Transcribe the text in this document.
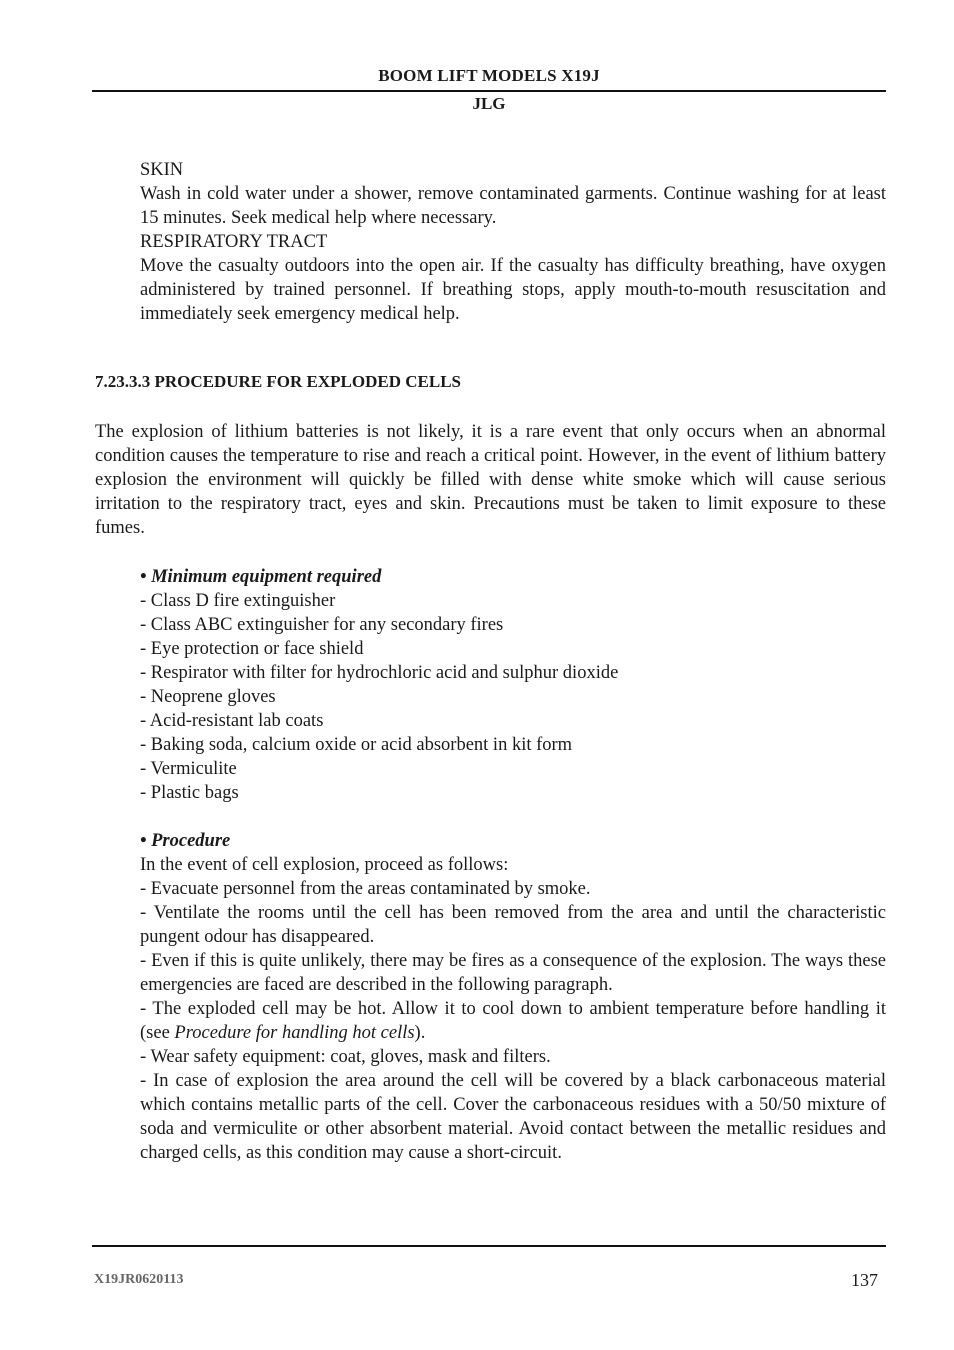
BOOM LIFT MODELS X19J
JLG
SKIN
Wash in cold water under a shower, remove contaminated garments. Continue washing for at least 15 minutes. Seek medical help where necessary.
RESPIRATORY TRACT
Move the casualty outdoors into the open air. If the casualty has difficulty breathing, have oxygen administered by trained personnel. If breathing stops, apply mouth-to-mouth resuscitation and immediately seek emergency medical help.
7.23.3.3 PROCEDURE FOR EXPLODED CELLS
The explosion of lithium batteries is not likely, it is a rare event that only occurs when an abnormal condition causes the temperature to rise and reach a critical point. However, in the event of lithium battery explosion the environment will quickly be filled with dense white smoke which will cause serious irritation to the respiratory tract, eyes and skin. Precautions must be taken to limit exposure to these fumes.
• Minimum equipment required
- Class D fire extinguisher
- Class ABC extinguisher for any secondary fires
- Eye protection or face shield
- Respirator with filter for hydrochloric acid and sulphur dioxide
- Neoprene gloves
- Acid-resistant lab coats
- Baking soda, calcium oxide or acid absorbent in kit form
- Vermiculite
- Plastic bags
• Procedure
In the event of cell explosion, proceed as follows:
- Evacuate personnel from the areas contaminated by smoke.
- Ventilate the rooms until the cell has been removed from the area and until the characteristic pungent odour has disappeared.
- Even if this is quite unlikely, there may be fires as a consequence of the explosion. The ways these emergencies are faced are described in the following paragraph.
- The exploded cell may be hot. Allow it to cool down to ambient temperature before handling it (see Procedure for handling hot cells).
- Wear safety equipment: coat, gloves, mask and filters.
- In case of explosion the area around the cell will be covered by a black carbonaceous material which contains metallic parts of the cell. Cover the carbonaceous residues with a 50/50 mixture of soda and vermiculite or other absorbent material. Avoid contact between the metallic residues and charged cells, as this condition may cause a short-circuit.
X19JR0620113	137
